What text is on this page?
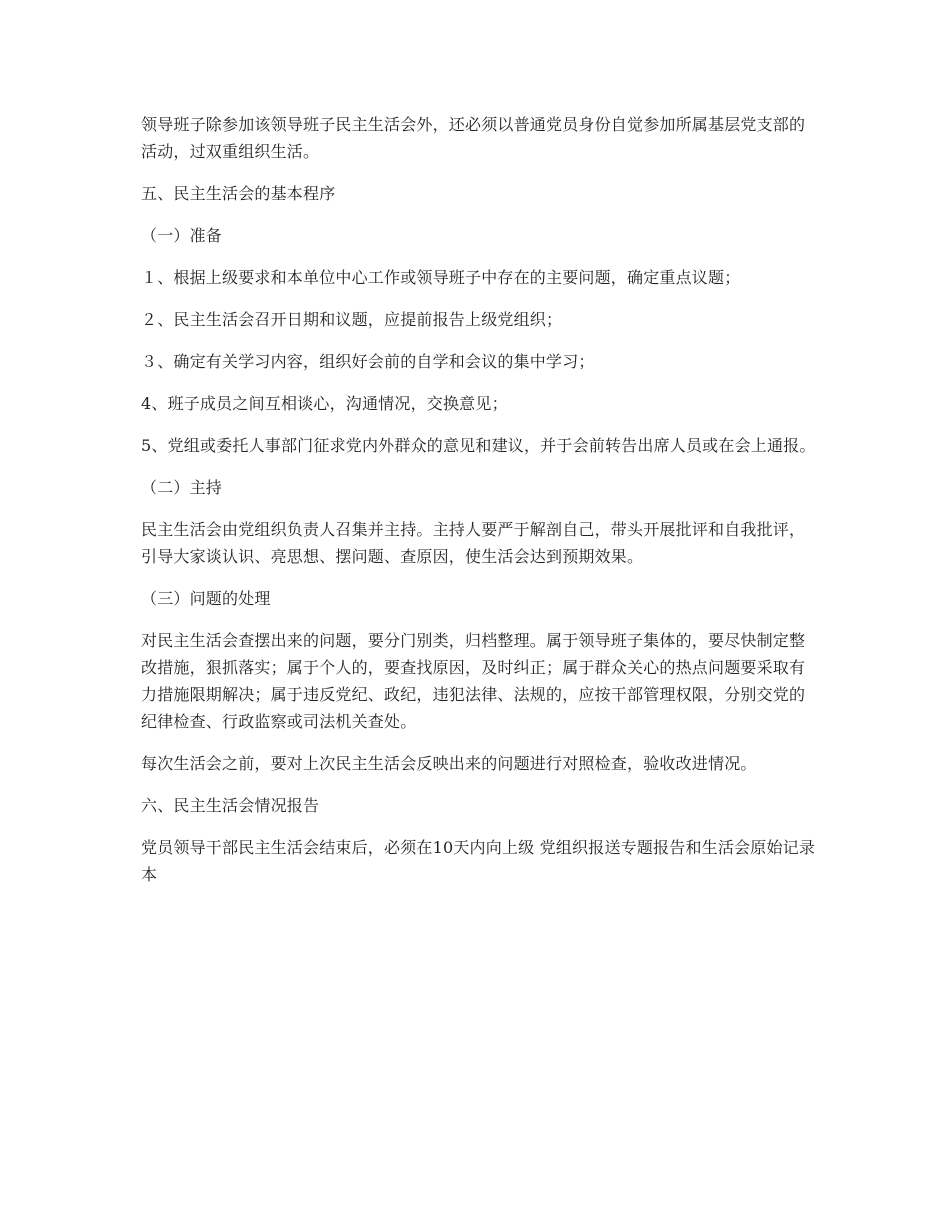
领导班子除参加该领导班子民主生活会外，还必须以普通党员身份自觉参加所属基层党支部的活动，过双重组织生活。

五、民主生活会的基本程序

（一）准备

１、根据上级要求和本单位中心工作或领导班子中存在的主要问题，确定重点议题；

２、民主生活会召开日期和议题，应提前报告上级党组织；

３、确定有关学习内容，组织好会前的自学和会议的集中学习；

4、班子成员之间互相谈心，沟通情况，交换意见；

5、党组或委托人事部门征求党内外群众的意见和建议，并于会前转告出席人员或在会上通报。

（二）主持

民主生活会由党组织负责人召集并主持。主持人要严于解剖自己，带头开展批评和自我批评，引导大家谈认识、亮思想、摆问题、查原因，使生活会达到预期效果。

（三）问题的处理

对民主生活会查摆出来的问题，要分门别类，归档整理。属于领导班子集体的，要尽快制定整改措施，狠抓落实；属于个人的，要查找原因，及时纠正；属于群众关心的热点问题要采取有力措施限期解决；属于违反党纪、政纪，违犯法律、法规的，应按干部管理权限，分别交党的纪律检查、行政监察或司法机关查处。

每次生活会之前，要对上次民主生活会反映出来的问题进行对照检查，验收改进情况。

六、民主生活会情况报告

党员领导干部民主生活会结束后，必须在10天内向上级 党组织报送专题报告和生活会原始记录本
